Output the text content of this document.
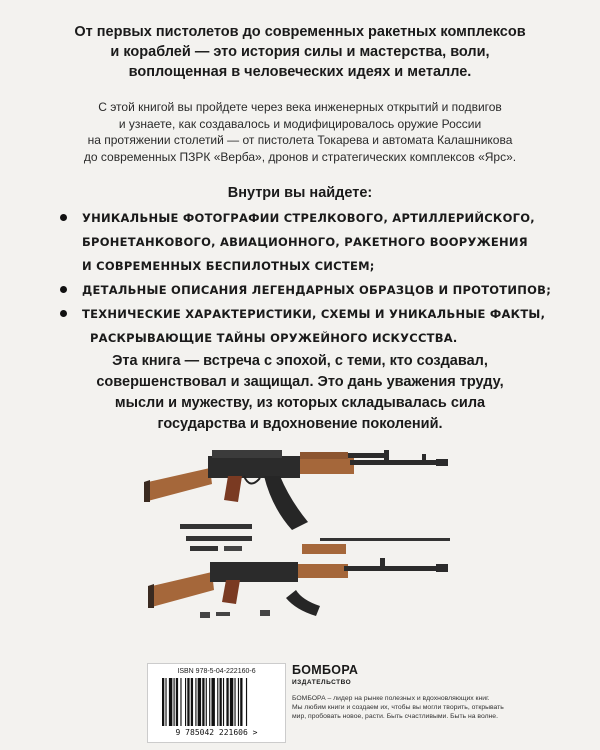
От первых пистолетов до современных ракетных комплексов
и кораблей — это история силы и мастерства, воли,
воплощенная в человеческих идеях и металле.
С этой книгой вы пройдете через века инженерных открытий и подвигов
и узнаете, как создавалось и модифицировалось оружие России
на протяжении столетий — от пистолета Токарева и автомата Калашникова
до современных ПЗРК «Верба», дронов и стратегических комплексов «Ярс».
Внутри вы найдете:
УНИКАЛЬНЫЕ ФОТОГРАФИИ СТРЕЛКОВОГО, АРТИЛЛЕРИЙСКОГО,
БРОНЕТАНКОВОГО, АВИАЦИОННОГО, РАКЕТНОГО ВООРУЖЕНИЯ
И СОВРЕМЕННЫХ БЕСПИЛОТНЫХ СИСТЕМ;
ДЕТАЛЬНЫЕ ОПИСАНИЯ ЛЕГЕНДАРНЫХ ОБРАЗЦОВ И ПРОТОТИПОВ;
ТЕХНИЧЕСКИЕ ХАРАКТЕРИСТИКИ, СХЕМЫ И УНИКАЛЬНЫЕ ФАКТЫ,
РАСКРЫВАЮЩИЕ ТАЙНЫ ОРУЖЕЙНОГО ИСКУССТВА.
Эта книга — встреча с эпохой, с теми, кто создавал,
совершенствовал и защищал. Это дань уважения труду,
мысли и мужеству, из которых складывалась сила
государства и вдохновение поколений.
ISBN 978-5-04-222160-6
9 785042 221606 >
БОМБОРА
ИЗДАТЕЛЬСТВО
БОМБОРА – лидер на рынке полезных и вдохновляющих книг.
Мы любим книги и создаем их, чтобы вы могли творить, открывать
мир, пробовать новое, расти. Быть счастливыми. Быть на волне.
